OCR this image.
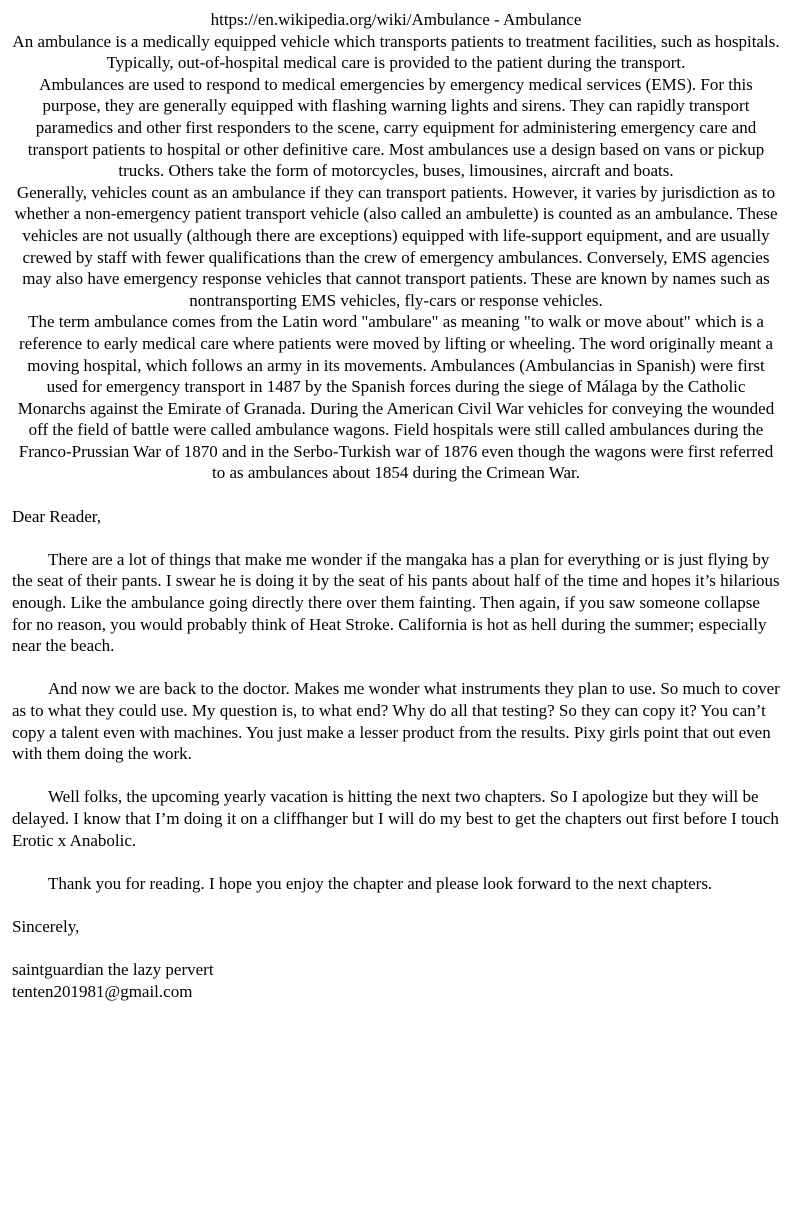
https://en.wikipedia.org/wiki/Ambulance - Ambulance

An ambulance is a medically equipped vehicle which transports patients to treatment facilities, such as hospitals. Typically, out-of-hospital medical care is provided to the patient during the transport.

Ambulances are used to respond to medical emergencies by emergency medical services (EMS). For this purpose, they are generally equipped with flashing warning lights and sirens. They can rapidly transport paramedics and other first responders to the scene, carry equipment for administering emergency care and transport patients to hospital or other definitive care. Most ambulances use a design based on vans or pickup trucks. Others take the form of motorcycles, buses, limousines, aircraft and boats.

Generally, vehicles count as an ambulance if they can transport patients. However, it varies by jurisdiction as to whether a non-emergency patient transport vehicle (also called an ambulette) is counted as an ambulance. These vehicles are not usually (although there are exceptions) equipped with life-support equipment, and are usually crewed by staff with fewer qualifications than the crew of emergency ambulances. Conversely, EMS agencies may also have emergency response vehicles that cannot transport patients. These are known by names such as nontransporting EMS vehicles, fly-cars or response vehicles.

The term ambulance comes from the Latin word "ambulare" as meaning "to walk or move about" which is a reference to early medical care where patients were moved by lifting or wheeling. The word originally meant a moving hospital, which follows an army in its movements. Ambulances (Ambulancias in Spanish) were first used for emergency transport in 1487 by the Spanish forces during the siege of Málaga by the Catholic Monarchs against the Emirate of Granada. During the American Civil War vehicles for conveying the wounded off the field of battle were called ambulance wagons. Field hospitals were still called ambulances during the Franco-Prussian War of 1870 and in the Serbo-Turkish war of 1876 even though the wagons were first referred to as ambulances about 1854 during the Crimean War.

Dear Reader,

There are a lot of things that make me wonder if the mangaka has a plan for everything or is just flying by the seat of their pants. I swear he is doing it by the seat of his pants about half of the time and hopes it’s hilarious enough. Like the ambulance going directly there over them fainting. Then again, if you saw someone collapse for no reason, you would probably think of Heat Stroke. California is hot as hell during the summer; especially near the beach.

And now we are back to the doctor. Makes me wonder what instruments they plan to use. So much to cover as to what they could use. My question is, to what end? Why do all that testing? So they can copy it? You can’t copy a talent even with machines. You just make a lesser product from the results. Pixy girls point that out even with them doing the work.

Well folks, the upcoming yearly vacation is hitting the next two chapters. So I apologize but they will be delayed. I know that I’m doing it on a cliffhanger but I will do my best to get the chapters out first before I touch Erotic x Anabolic.

Thank you for reading. I hope you enjoy the chapter and please look forward to the next chapters.

Sincerely,

saintguardian the lazy pervert
tenten201981@gmail.com
